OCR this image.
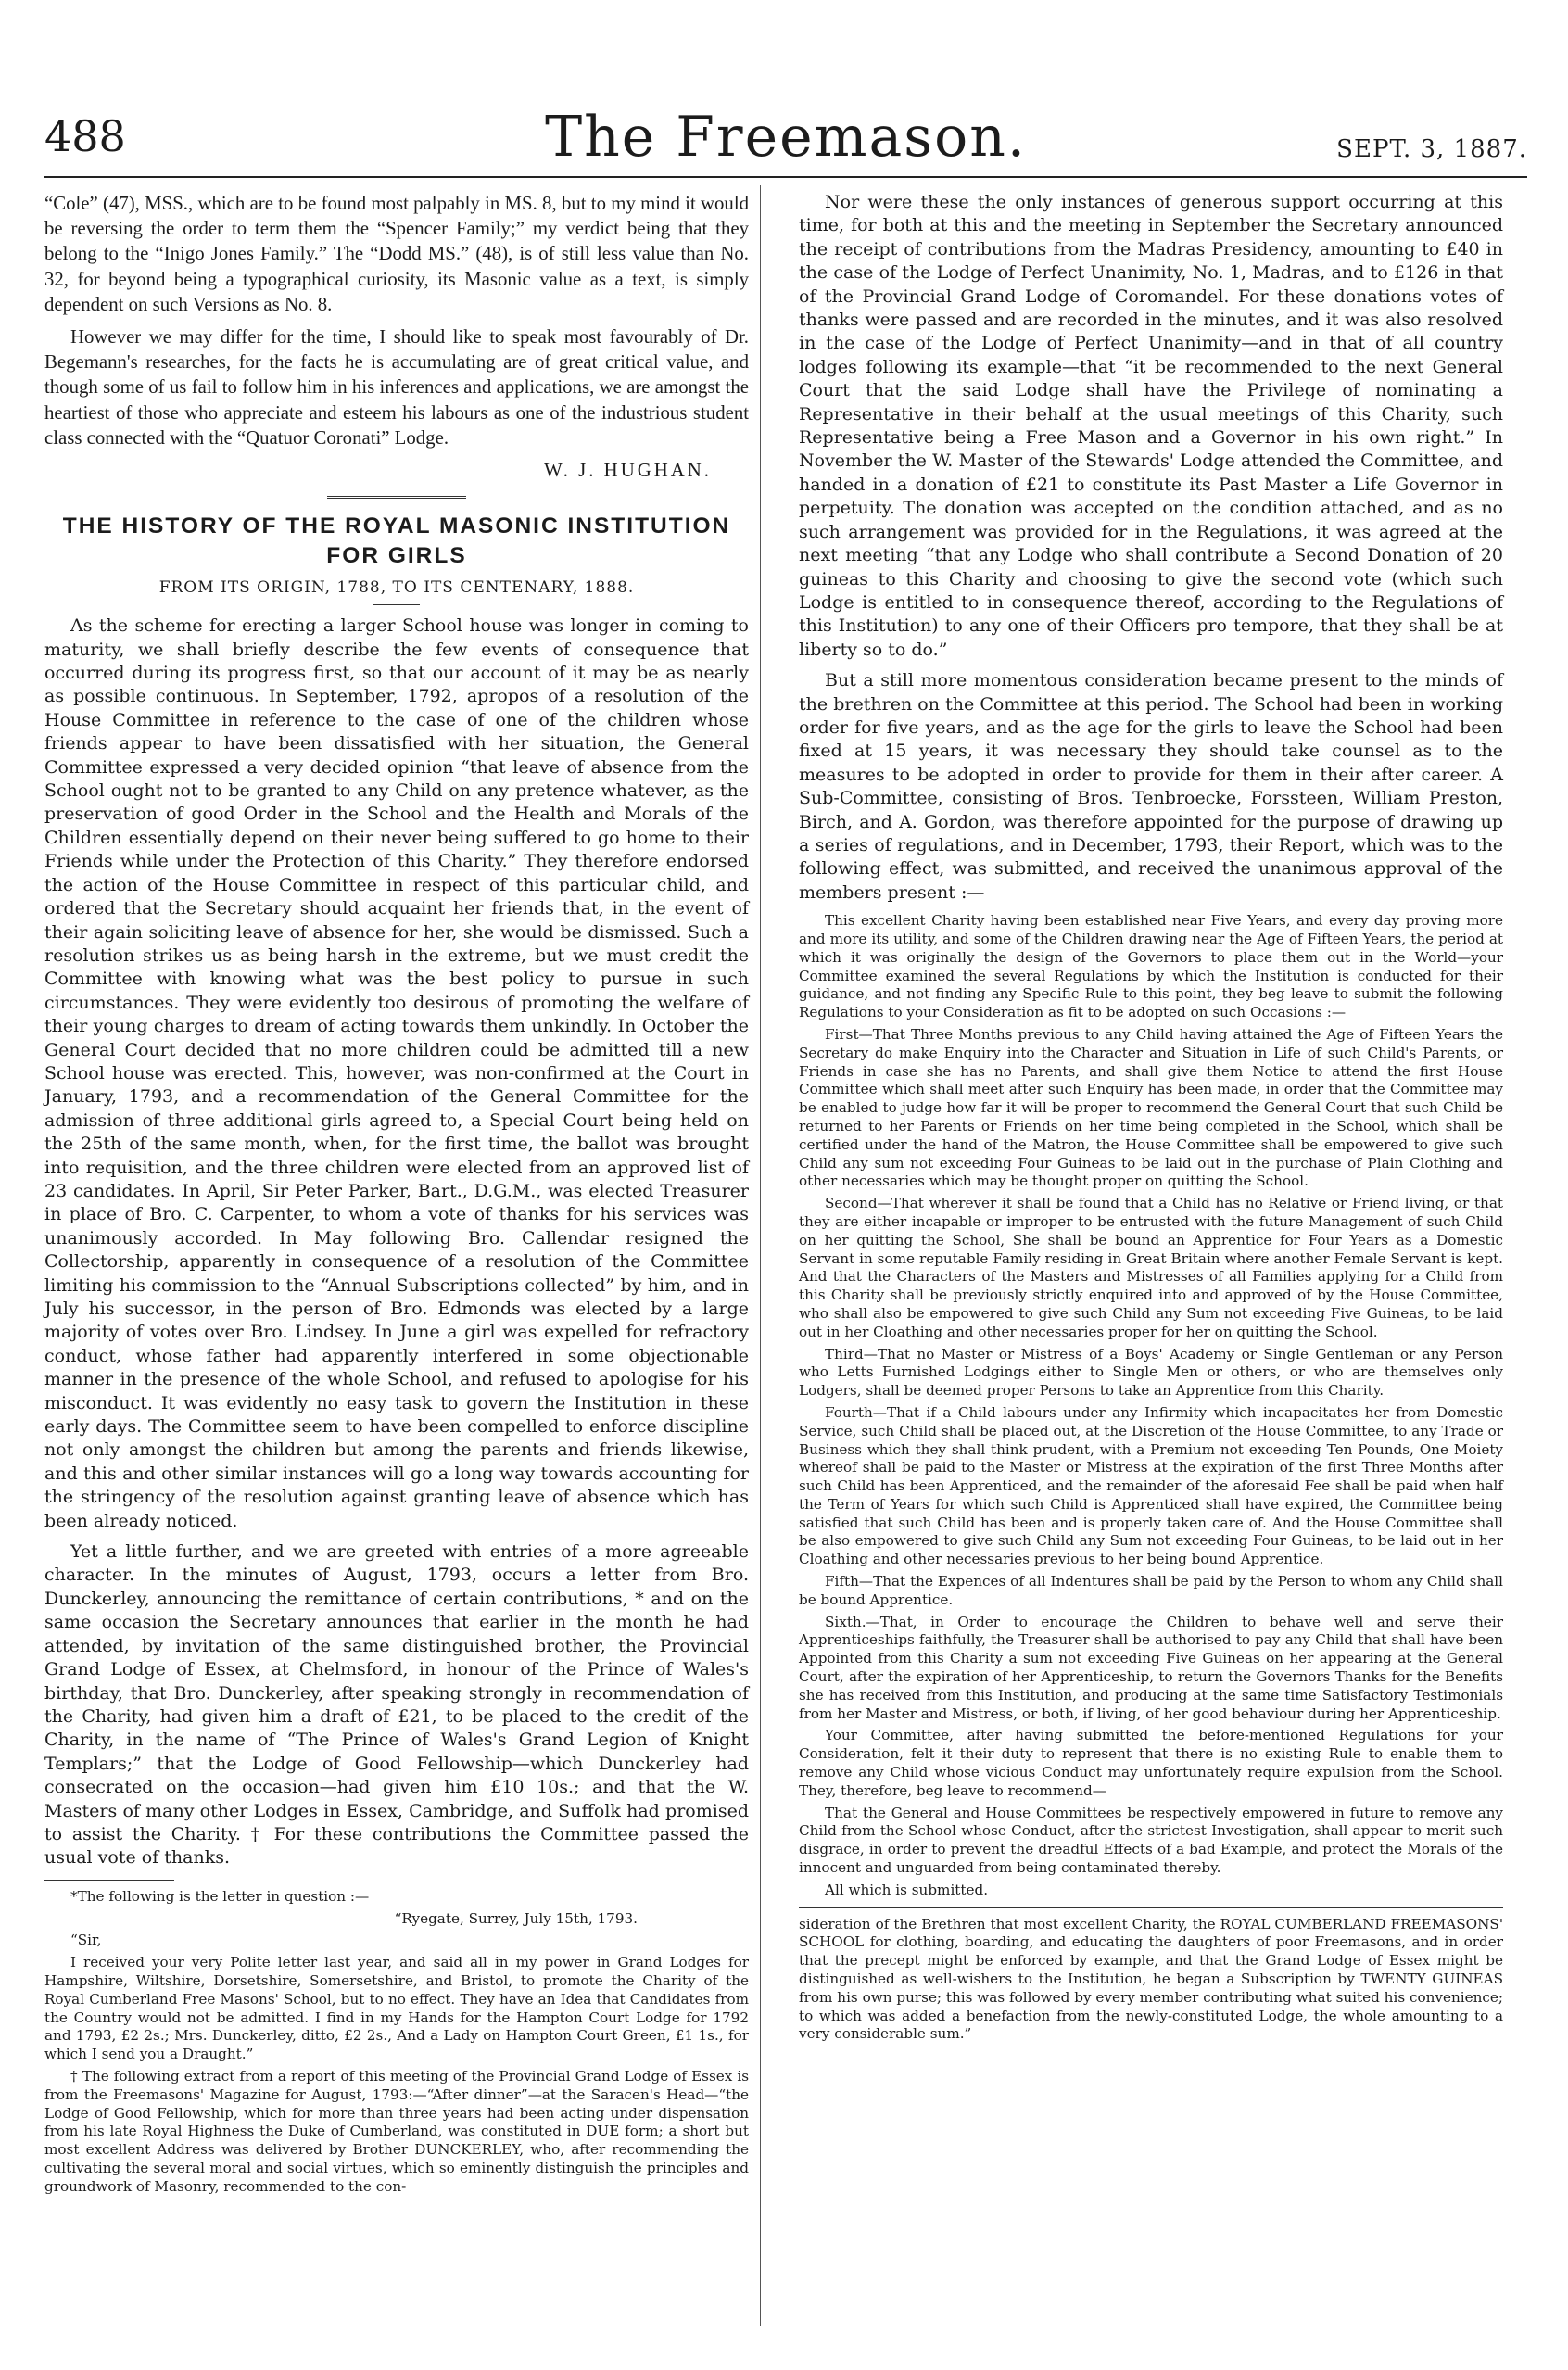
488	The Freemason.	SEPT. 3, 1887.

“Cole” (47), MSS., which are to be found most palpably in MS. 8, but to my mind it would be reversing the order to term them the “Spencer Family;” my verdict being that they belong to the “Inigo Jones Family.” The “Dodd MS.” (48), is of still less value than No. 32, for beyond being a typographical curiosity, its Masonic value as a text, is simply dependent on such Versions as No. 8.

However we may differ for the time, I should like to speak most favourably of Dr. Begemann's researches, for the facts he is accumulating are of great critical value, and though some of us fail to follow him in his inferences and applications, we are amongst the heartiest of those who appreciate and esteem his labours as one of the industrious student class connected with the “Quatuor Coronati” Lodge.

W. J. HUGHAN.

THE HISTORY OF THE ROYAL MASONIC INSTITUTION FOR GIRLS
FROM ITS ORIGIN, 1788, TO ITS CENTENARY, 1888.

As the scheme for erecting a larger School house was longer in coming to maturity, we shall briefly describe the few events of consequence that occurred during its progress first, so that our account of it may be as nearly as possible continuous. In September, 1792, apropos of a resolution of the House Committee in reference to the case of one of the children whose friends appear to have been dissatisfied with her situation, the General Committee expressed a very decided opinion “that leave of absence from the School ought not to be granted to any Child on any pretence whatever, as the preservation of good Order in the School and the Health and Morals of the Children essentially depend on their never being suffered to go home to their Friends while under the Protection of this Charity.” They therefore endorsed the action of the House Committee in respect of this particular child, and ordered that the Secretary should acquaint her friends that, in the event of their again soliciting leave of absence for her, she would be dismissed. Such a resolution strikes us as being harsh in the extreme, but we must credit the Committee with knowing what was the best policy to pursue in such circumstances. They were evidently too desirous of promoting the welfare of their young charges to dream of acting towards them unkindly. In October the General Court decided that no more children could be admitted till a new School house was erected. This, however, was non-confirmed at the Court in January, 1793, and a recommendation of the General Committee for the admission of three additional girls agreed to, a Special Court being held on the 25th of the same month, when, for the first time, the ballot was brought into requisition, and the three children were elected from an approved list of 23 candidates. In April, Sir Peter Parker, Bart., D.G.M., was elected Treasurer in place of Bro. C. Carpenter, to whom a vote of thanks for his services was unanimously accorded. In May following Bro. Callendar resigned the Collectorship, apparently in consequence of a resolution of the Committee limiting his commission to the “Annual Subscriptions collected” by him, and in July his successor, in the person of Bro. Edmonds was elected by a large majority of votes over Bro. Lindsey. In June a girl was expelled for refractory conduct, whose father had apparently interfered in some objectionable manner in the presence of the whole School, and refused to apologise for his misconduct. It was evidently no easy task to govern the Institution in these early days. The Committee seem to have been compelled to enforce discipline not only amongst the children but among the parents and friends likewise, and this and other similar instances will go a long way towards accounting for the stringency of the resolution against granting leave of absence which has been already noticed.

Yet a little further, and we are greeted with entries of a more agreeable character. In the minutes of August, 1793, occurs a letter from Bro. Dunckerley, announcing the remittance of certain contributions, * and on the same occasion the Secretary announces that earlier in the month he had attended, by invitation of the same distinguished brother, the Provincial Grand Lodge of Essex, at Chelmsford, in honour of the Prince of Wales's birthday, that Bro. Dunckerley, after speaking strongly in recommendation of the Charity, had given him a draft of £21, to be placed to the credit of the Charity, in the name of “The Prince of Wales's Grand Legion of Knight Templars;” that the Lodge of Good Fellowship—which Dunckerley had consecrated on the occasion—had given him £10 10s.; and that the W. Masters of many other Lodges in Essex, Cambridge, and Suffolk had promised to assist the Charity. † For these contributions the Committee passed the usual vote of thanks.

*The following is the letter in question :—

“Ryegate, Surrey, July 15th, 1793.

“Sir,

I received your very Polite letter last year, and said all in my power in Grand Lodges for Hampshire, Wiltshire, Dorsetshire, Somersetshire, and Bristol, to promote the Charity of the Royal Cumberland Free Masons' School, but to no effect. They have an Idea that Candidates from the Country would not be admitted. I find in my Hands for the Hampton Court Lodge for 1792 and 1793, £2 2s.; Mrs. Dunckerley, ditto, £2 2s., And a Lady on Hampton Court Green, £1 1s., for which I send you a Draught.”

† The following extract from a report of this meeting of the Provincial Grand Lodge of Essex is from the Freemasons' Magazine for August, 1793:—“After dinner”—at the Saracen's Head—“the Lodge of Good Fellowship, which for more than three years had been acting under dispensation from his late Royal Highness the Duke of Cumberland, was constituted in DUE form; a short but most excellent Address was delivered by Brother DUNCKERLEY, who, after recommending the cultivating the several moral and social virtues, which so eminently distinguish the principles and groundwork of Masonry, recommended to the con-

Nor were these the only instances of generous support occurring at this time, for both at this and the meeting in September the Secretary announced the receipt of contributions from the Madras Presidency, amounting to £40 in the case of the Lodge of Perfect Unanimity, No. 1, Madras, and to £126 in that of the Provincial Grand Lodge of Coromandel. For these donations votes of thanks were passed and are recorded in the minutes, and it was also resolved in the case of the Lodge of Perfect Unanimity—and in that of all country lodges following its example—that “it be recommended to the next General Court that the said Lodge shall have the Privilege of nominating a Representative in their behalf at the usual meetings of this Charity, such Representative being a Free Mason and a Governor in his own right.” In November the W. Master of the Stewards' Lodge attended the Committee, and handed in a donation of £21 to constitute its Past Master a Life Governor in perpetuity. The donation was accepted on the condition attached, and as no such arrangement was provided for in the Regulations, it was agreed at the next meeting “that any Lodge who shall contribute a Second Donation of 20 guineas to this Charity and choosing to give the second vote (which such Lodge is entitled to in consequence thereof, according to the Regulations of this Institution) to any one of their Officers pro tempore, that they shall be at liberty so to do.”

But a still more momentous consideration became present to the minds of the brethren on the Committee at this period. The School had been in working order for five years, and as the age for the girls to leave the School had been fixed at 15 years, it was necessary they should take counsel as to the measures to be adopted in order to provide for them in their after career. A Sub-Committee, consisting of Bros. Tenbroecke, Forssteen, William Preston, Birch, and A. Gordon, was therefore appointed for the purpose of drawing up a series of regulations, and in December, 1793, their Report, which was to the following effect, was submitted, and received the unanimous approval of the members present :—

This excellent Charity having been established near Five Years, and every day proving more and more its utility, and some of the Children drawing near the Age of Fifteen Years, the period at which it was originally the design of the Governors to place them out in the World—your Committee examined the several Regulations by which the Institution is conducted for their guidance, and not finding any Specific Rule to this point, they beg leave to submit the following Regulations to your Consideration as fit to be adopted on such Occasions :—

First—That Three Months previous to any Child having attained the Age of Fifteen Years the Secretary do make Enquiry into the Character and Situation in Life of such Child's Parents, or Friends in case she has no Parents, and shall give them Notice to attend the first House Committee which shall meet after such Enquiry has been made, in order that the Committee may be enabled to judge how far it will be proper to recommend the General Court that such Child be returned to her Parents or Friends on her time being completed in the School, which shall be certified under the hand of the Matron, the House Committee shall be empowered to give such Child any sum not exceeding Four Guineas to be laid out in the purchase of Plain Clothing and other necessaries which may be thought proper on quitting the School.

Second—That wherever it shall be found that a Child has no Relative or Friend living, or that they are either incapable or improper to be entrusted with the future Management of such Child on her quitting the School, She shall be bound an Apprentice for Four Years as a Domestic Servant in some reputable Family residing in Great Britain where another Female Servant is kept. And that the Characters of the Masters and Mistresses of all Families applying for a Child from this Charity shall be previously strictly enquired into and approved of by the House Committee, who shall also be empowered to give such Child any Sum not exceeding Five Guineas, to be laid out in her Cloathing and other necessaries proper for her on quitting the School.

Third—That no Master or Mistress of a Boys' Academy or Single Gentleman or any Person who Letts Furnished Lodgings either to Single Men or others, or who are themselves only Lodgers, shall be deemed proper Persons to take an Apprentice from this Charity.

Fourth—That if a Child labours under any Infirmity which incapacitates her from Domestic Service, such Child shall be placed out, at the Discretion of the House Committee, to any Trade or Business which they shall think prudent, with a Premium not exceeding Ten Pounds, One Moiety whereof shall be paid to the Master or Mistress at the expiration of the first Three Months after such Child has been Apprenticed, and the remainder of the aforesaid Fee shall be paid when half the Term of Years for which such Child is Apprenticed shall have expired, the Committee being satisfied that such Child has been and is properly taken care of. And the House Committee shall be also empowered to give such Child any Sum not exceeding Four Guineas, to be laid out in her Cloathing and other necessaries previous to her being bound Apprentice.

Fifth—That the Expences of all Indentures shall be paid by the Person to whom any Child shall be bound Apprentice.

Sixth.—That, in Order to encourage the Children to behave well and serve their Apprenticeships faithfully, the Treasurer shall be authorised to pay any Child that shall have been Appointed from this Charity a sum not exceeding Five Guineas on her appearing at the General Court, after the expiration of her Apprenticeship, to return the Governors Thanks for the Benefits she has received from this Institution, and producing at the same time Satisfactory Testimonials from her Master and Mistress, or both, if living, of her good behaviour during her Apprenticeship.

Your Committee, after having submitted the before-mentioned Regulations for your Consideration, felt it their duty to represent that there is no existing Rule to enable them to remove any Child whose vicious Conduct may unfortunately require expulsion from the School. They, therefore, beg leave to recommend—

That the General and House Committees be respectively empowered in future to remove any Child from the School whose Conduct, after the strictest Investigation, shall appear to merit such disgrace, in order to prevent the dreadful Effects of a bad Example, and protect the Morals of the innocent and unguarded from being contaminated thereby.

All which is submitted.

sideration of the Brethren that most excellent Charity, the ROYAL CUMBERLAND FREEMASONS' SCHOOL for clothing, boarding, and educating the daughters of poor Freemasons, and in order that the precept might be enforced by example, and that the Grand Lodge of Essex might be distinguished as well-wishers to the Institution, he began a Subscription by TWENTY GUINEAS from his own purse; this was followed by every member contributing what suited his convenience; to which was added a benefaction from the newly-constituted Lodge, the whole amounting to a very considerable sum.”
